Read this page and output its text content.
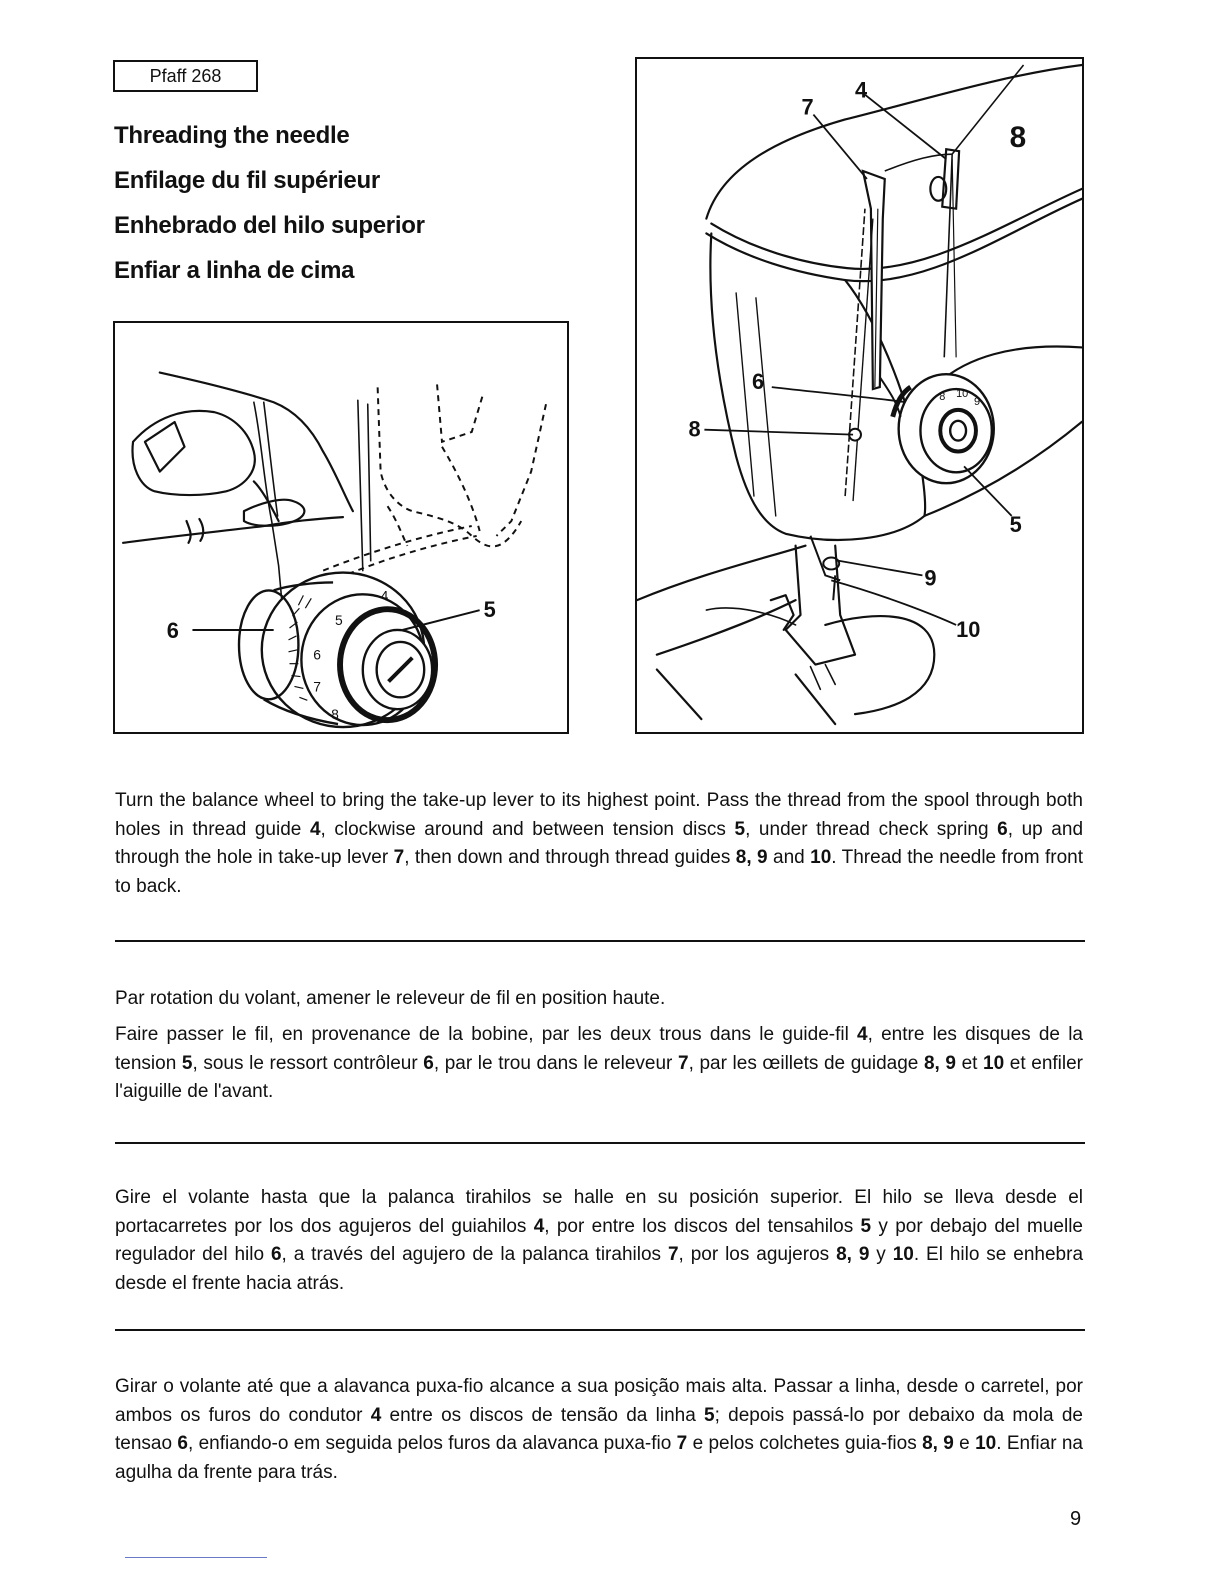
Pfaff 268
Threading the needle
Enfilage du fil supérieur
Enhebrado del hilo superior
Enfiar a linha de cima
4
5
6
7
8
6
5
10
8	9
8
7
4
6
8
5
9
10

Turn the balance wheel to bring the take-up lever to its highest point. Pass the thread from the spool through both holes in thread guide 4, clockwise around and between tension discs 5, under thread check spring 6, up and through the hole in take-up lever 7, then down and through thread guides 8, 9 and 10. Thread the needle from front to back.

Par rotation du volant, amener le releveur de fil en position haute.

Faire passer le fil, en provenance de la bobine, par les deux trous dans le guide-fil 4, entre les disques de la tension 5, sous le ressort contrôleur 6, par le trou dans le releveur 7, par les œillets de guidage 8, 9 et 10 et enfiler l'aiguille de l'avant.

Gire el volante hasta que la palanca tirahilos se halle en su posición superior. El hilo se lleva desde el portacarretes por los dos agujeros del guiahilos 4, por entre los discos del tensahilos 5 y por debajo del muelle regulador del hilo 6, a través del agujero de la palanca tirahilos 7, por los agujeros 8, 9 y 10. El hilo se enhebra desde el frente hacia atrás.

Girar o volante até que a alavanca puxa-fio alcance a sua posição mais alta. Passar a linha, desde o carretel, por ambos os furos do condutor 4 entre os discos de tensão da linha 5; depois passá-lo por debaixo da mola de tensao 6, enfiando-o em seguida pelos furos da alavanca puxa-fio 7 e pelos colchetes guia-fios 8, 9 e 10. Enfiar na agulha da frente para trás.

9
